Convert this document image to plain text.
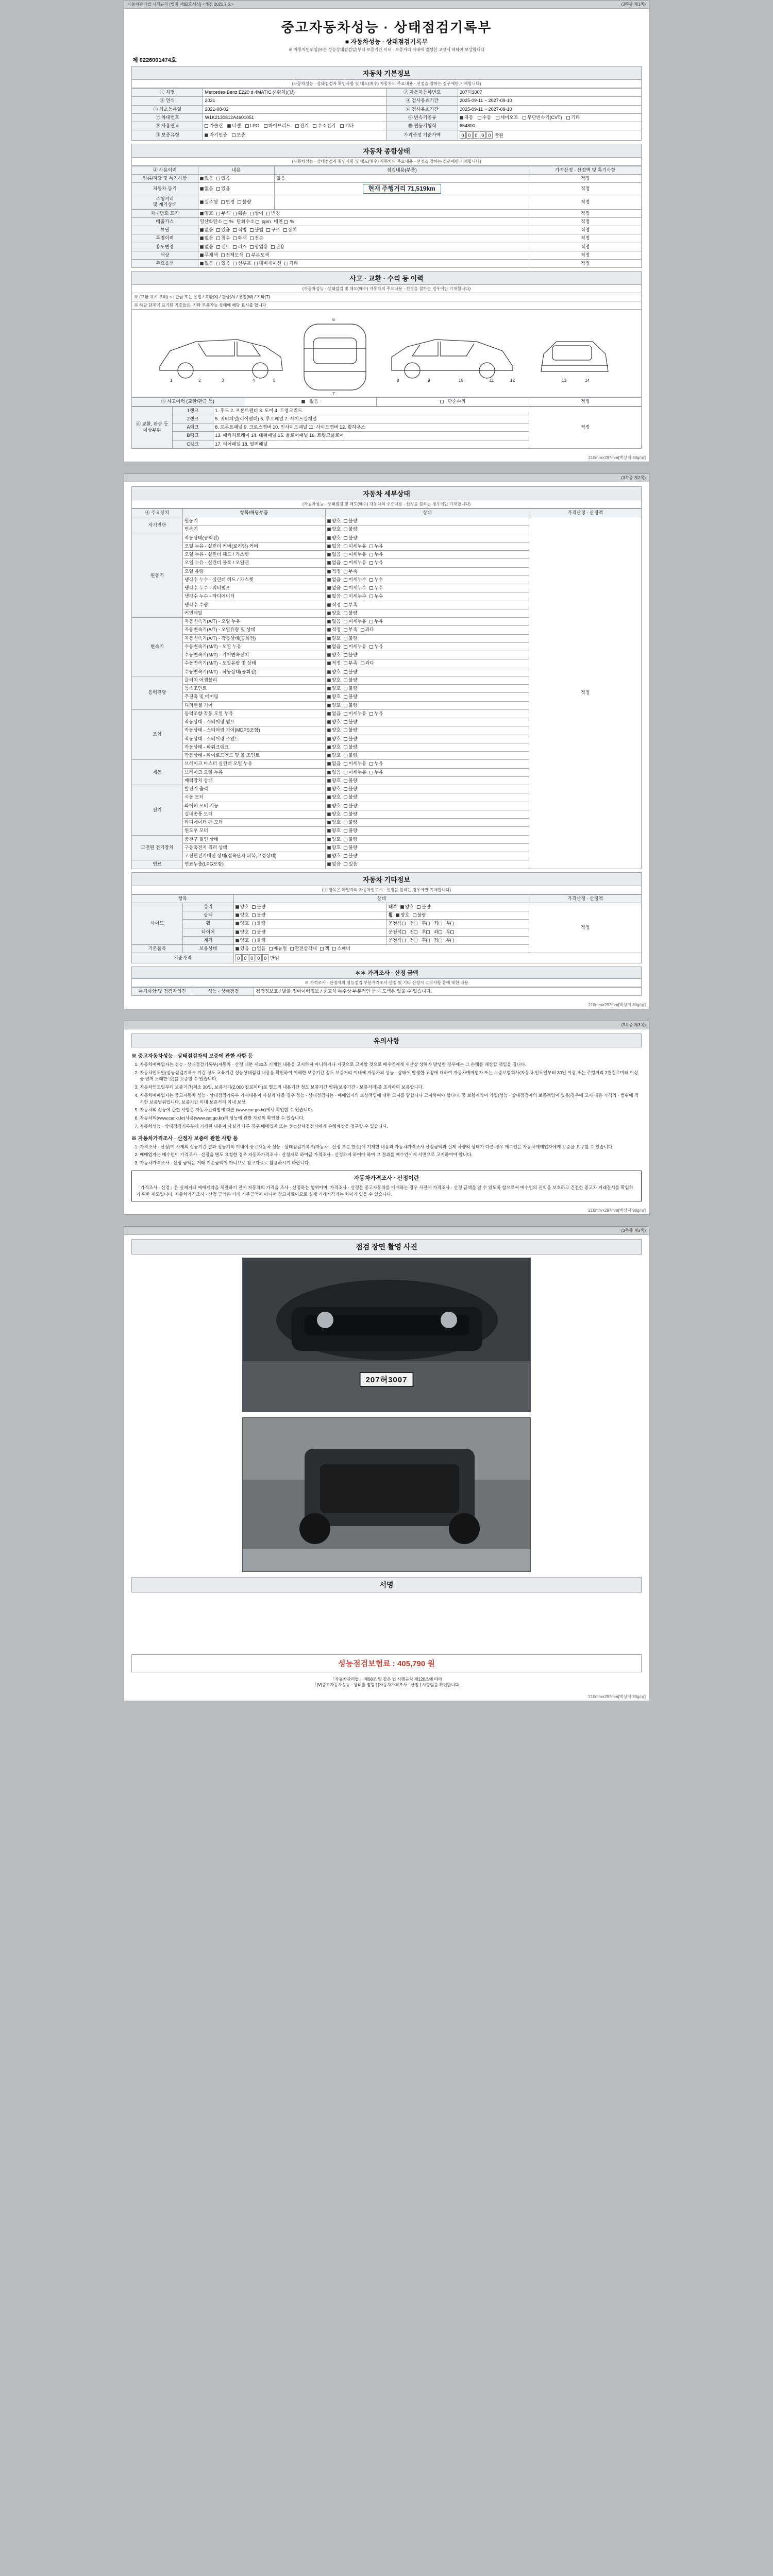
자동차관리법 시행규칙 [별지 제82호서식] <개정 2021.7.6.>	(3쪽중 제1쪽)
중고자동차성능 · 상태점검기록부
■ 자동차성능 · 상태점검기록부
※ 자동차인도일(또는 성능상태점검일)부터 보증기간 이내 · 보증거리 이내에 발생한 고장에 대하여 보상합니다
제 0226001474호
자동차 기본정보
(자동차성능 · 상태점검자 확인사항 및 매도(매수) 자동차의 주요내용 · 선정을 참하는 경우에만 기재합니다)
① 차명	Mercedes-Benz E220 d 4MATIC (4위치)(월)	② 자동차등록번호	207허3007
③ 연식	2021	④ 검사유효기간	2025-09-11 ~ 2027-09-10
⑤ 최초등록일	2021-08-02	⑥ 검사유효기간	2025-09-11 ~ 2027-09-10
⑦ 차대번호	W1K2130812A4601051	⑧ 변속기종류	자동 수동 세미오토 무단변속기(CVT) 기타
⑨ 사용연료	가솔린 디젤 LPG 하이브리드 전기 수소전기 기타	⑩ 원동기형식	654800
⑪ 보증유형	자기인증 보증	가격산정 기준가액	0 0 0 0 0 만원
자동차 종합상태
(자동차성능 · 상태점검자 확인사항 및 매도(매수) 자동차의 주요내용 · 선정을 참하는 경우에만 기재합니다)
④ 사용이력	내용	점검내용(부품)	가격산정 · 산정액 및 특기사항
압류/저당 및 특기사항	없음 있음	없음	적정
자동차 등기	없음 있음	현재 주행거리 71,519km	적정
주행거리
및 계기상태	실주행 변경 불량		적정
차대번호 표기	양호 부식 훼손 상이 변경		적정
배출가스	일산화탄소  % 탄화수소  ppm 매연  %		적정
튜닝	없음 있음 적법 불법 구조 장치		적정
특별이력	없음 침수 화재 전손		적정
용도변경	없음 렌트 리스 영업용 관용		적정
색상	무채색 전체도색 부분도색		적정
주요옵션	없음 있음 선루프 내비게이션 기타		적정
사고 · 교환 · 수리 등 이력
(자동차성능 · 상태점검 및 매도(매수) 자동차의 주요내용 · 선정을 참하는 경우에만 기재합니다)
※ (교환 표시 부위) ○ : 판금 또는 용접 / 교환(X) / 판금(A) / 용접(W) / 기타(T)
※ 하단 단계에 표기된 기호들은, 기타 부품가능 상태에 해당 표시를 합니다
1	2	3	4	5
6
7
8	9	10	11	12	13	14
⑤ 사고이력 (교환/판금 등)	없음	단순수리	적정
⑥ 교환, 판금 등 이상부위	1랭크	1. 후드 2. 프론트펜더 3. 도어 4. 트렁크리드	적정
	2랭크	5. 쿼터패널(리어펜더) 6. 루프패널 7. 사이드실패널	
	A랭크	8. 프론트패널 9. 크로스멤버 10. 인사이드패널 11. 사이드멤버 12. 휠하우스	
	B랭크	13. 패키지트레이 14. 대쉬패널 15. 플로어패널 16. 트렁크플로어	
	C랭크	17. 리어패널 18. 필러패널	
210mm×297mm[백상지 80g/㎡]
(3쪽중 제2쪽)
자동차 세부상태
(자동차성능 · 상태점검 및 매도(매수) 자동차의 주요내용 · 선정을 참하는 경우에만 기재합니다)
④ 주요장치	항목/해당부품	상태	가격산정 · 산정액
자기진단	원동기	양호 불량	적정
	변속기	양호 불량	
원동기	작동상태(공회전)	양호 불량	
	오일 누유 - 실린더 커버(로커암) 커버	없음 미세누유 누유	
	오일 누유 - 실린더 헤드 / 가스켓	없음 미세누유 누유	
	오일 누유 - 실린더 블록 / 오일팬	없음 미세누유 누유	
	오일 유량	적정 부족	
	냉각수 누수 - 실린더 헤드 / 가스켓	없음 미세누수 누수	
	냉각수 누수 - 워터펌프	없음 미세누수 누수	
	냉각수 누수 - 라디에이터	없음 미세누수 누수	
	냉각수 수량	적정 부족	
	커먼레일	양호 불량	
변속기	자동변속기(A/T) - 오일 누유	없음 미세누유 누유	
	자동변속기(A/T) - 오일유량 및 상태	적정 부족 과다	
	자동변속기(A/T) - 작동상태(공회전)	양호 불량	
	수동변속기(M/T) - 오일 누유	없음 미세누유 누유	
	수동변속기(M/T) - 기어변속장치	양호 불량	
	수동변속기(M/T) - 오일유량 및 상태	적정 부족 과다	
	수동변속기(M/T) - 작동상태(공회전)	양호 불량	
동력전달	클러치 어셈블리	양호 불량	
	등속조인트	양호 불량	
	추진축 및 베어링	양호 불량	
	디퍼렌셜 기어	양호 불량	
조향	동력조향 작동 오일 누유	없음 미세누유 누유	
	작동상태 - 스티어링 펌프	양호 불량	
	작동상태 - 스티어링 기어(MDPS포함)	양호 불량	
	작동상태 - 스티어링 조인트	양호 불량	
	작동상태 - 파워크랭크	양호 불량	
	작동상태 - 타이로드엔드 및 볼 조인트	양호 불량	
제동	브레이크 마스터 실린더 오일 누유	없음 미세누유 누유	
	브레이크 오일 누유	없음 미세누유 누유	
	배력장치 상태	양호 불량	
전기	발전기 출력	양호 불량	
	시동 모터	양호 불량	
	와이퍼 모터 기능	양호 불량	
	실내송풍 모터	양호 불량	
	라디에이터 팬 모터	양호 불량	
	윈도우 모터	양호 불량	
고전원 전기장치	충전구 절연 상태	양호 불량	
	구동축전지 격리 상태	양호 불량	
	고전원전기배선 상태(접속단자,피복,고정상태)	양호 불량	
연료	연료누출(LPG포함)	없음 있음	
자동차 기타정보
(④ 항목은 확인자의 자동차인도시 · 선정을 참하는 경우에만 기재합니다)
항목		상태		가격산정 · 산정액
사이드	유리	양호 불량	내부 양호 불량	적정
	광택	양호 불량	휠 양호 불량	
	휠	양호 불량	운전석 전 후 좌 우	
	타이어	양호 불량	운전석 전 후 좌 우	
	계기	양호 불량	운전석 전 후 좌 우	
기본품목	보유상태	있음 없음 메뉴얼 안전삼각대 잭 스패너		
기준가격		0 0 0 0 0 만원		
＊＊ 가격조사 · 산정 금액
※ 가격조사 · 산정자의 성능점검 부분가격조사 산정 및 기타 산정시 고지사항 등에 대한 내용
특기사항 및 점검자의견	성능 · 상태점검	점검정보표 / 발불 정비이력정보 / 중고차 특수상 부분적인 문제 도색은 있을 수 있습니다.
210mm×297mm[백상지 80g/㎡]
(3쪽중 제3쪽)
유의사항
※ 중고자동차성능 · 상태점검자의 보증에 관한 사항 등
1. 자동차매매업자는 성능 · 상태점검기록부(자동차 · 산정 대분 제30조 기재한 내용을 고지하지 아니하거나 거짓으로 고지할 것으로 매수인에게 재산상 상해가 발생한 경우에는 그 손해를 배상할 책임을 집니다.
2. 자동차인도일(성능점검기록부 기간 정도 교육기간 성능상태점검 내용을 확인하여 이해한 보증기간 정도 보증거리 이내에 자동차의 성능 · 상태에 발생한 고장에 대하여 자동차매매업자 또는 보증보험회사(자동차 인도일부터 30일 이상 또는 주행거리 2천킬로미터 이상 중 먼저 도래한 것)를 보증할 수 있습니다.
3. 자동차인도일부터 보증기간(최소 30일, 보증거리(2,000 킬로미터)로 별도의 내용기간 정도 보증기간 범위(보증기간 · 보증거리)를 초과하여 보증합니다.
4. 자동차매매업자는 중고자동차 성능 · 상태점검기록부 기재내용이 사실과 다를 경우 성능 · 상태점검자는 · 매매업자의 보상책임에 대한 고지를 말합니다 고지하여야 합니다. 중 보험계약이 가입(성능 · 상태점검자의 보증책임이 있음)경우에 고지 내용 가격의 · 범위에 적시한 보증범위입니다. 보증기간 이내 보증거리 이내 보상
5. 자동차의 성능에 관한 사항은 자동차관리법에 따른 (www.car.go.kr)에서 확인할 수 있습니다.
6. 자동차의(www.car.kr.kr)사용(www.car.go.kr)의 성능에 관한 자료의 확인할 수 있습니다.
7. 자동차성능 · 상태점검기록부에 기재된 내용이 사실과 다른 경우 매매업자 또는 성능상태점검자에게 손해배상을 청구할 수 있습니다.
※ 자동차가격조사 · 산정자 보증에 관한 사항 등
1. 가격조사 · 산정(이 사제의 성능기간 결과 성능기록 이내에 중고자동차 성능 · 상태점검기록부(자동차 · 산정 부분 한것)에 기재한 내용과 자동차가격조사 산정금액과 실제 차량의 상태가 다른 경우 매수인은 자동차매매업자에게 보증을 요구할 수 있습니다.
2. 매매업자는 매수인이 가격조사 · 산정을 별도 요청한 경우 자동차가격조사 · 산정자로 하여금 가격조사 · 산정하게 하여야 하며 그 결과를 매수인에게 서면으로 고지하여야 합니다.
3. 자동차가격조사 · 산정 금액은 거래 기준금액이 아니므로 참고자료로 활용하시기 바랍니다.
자동차가격조사 · 산정이란
「가격조사 · 산정」은 실제거래 매매계약을 체결하기 전에 자동차의 가격을 조사 · 산정하는 행위이며, 가격조사 · 산정은 중고자동차를 매매하는 경우 사전에 가격조사 · 산정 금액을 알 수 있도록 함으로써 매수인의 권익을 보호하고 건전한 중고차 거래질서를 확립하기 위한 제도입니다. 자동차가격조사 · 산정 금액은 거래 기준금액이 아니며 참고자료이므로 실제 거래가격과는 차이가 있을 수 있습니다.
210mm×297mm[백상지 80g/㎡]
(3쪽중 제3쪽)
점검 장면 촬영 사진
207허3007
서명
성능점검보험료 : 405,790 원
「자동차관리법」 제58조 및 같은 법 시행규칙 제120조에 따라
「[Ⅴ]중고자동차성능 · 상태를 점검 [ ]자동차가격조사 · 산정 ] 사항임을 확인합니다.
210mm×297mm[백상지 80g/㎡]
